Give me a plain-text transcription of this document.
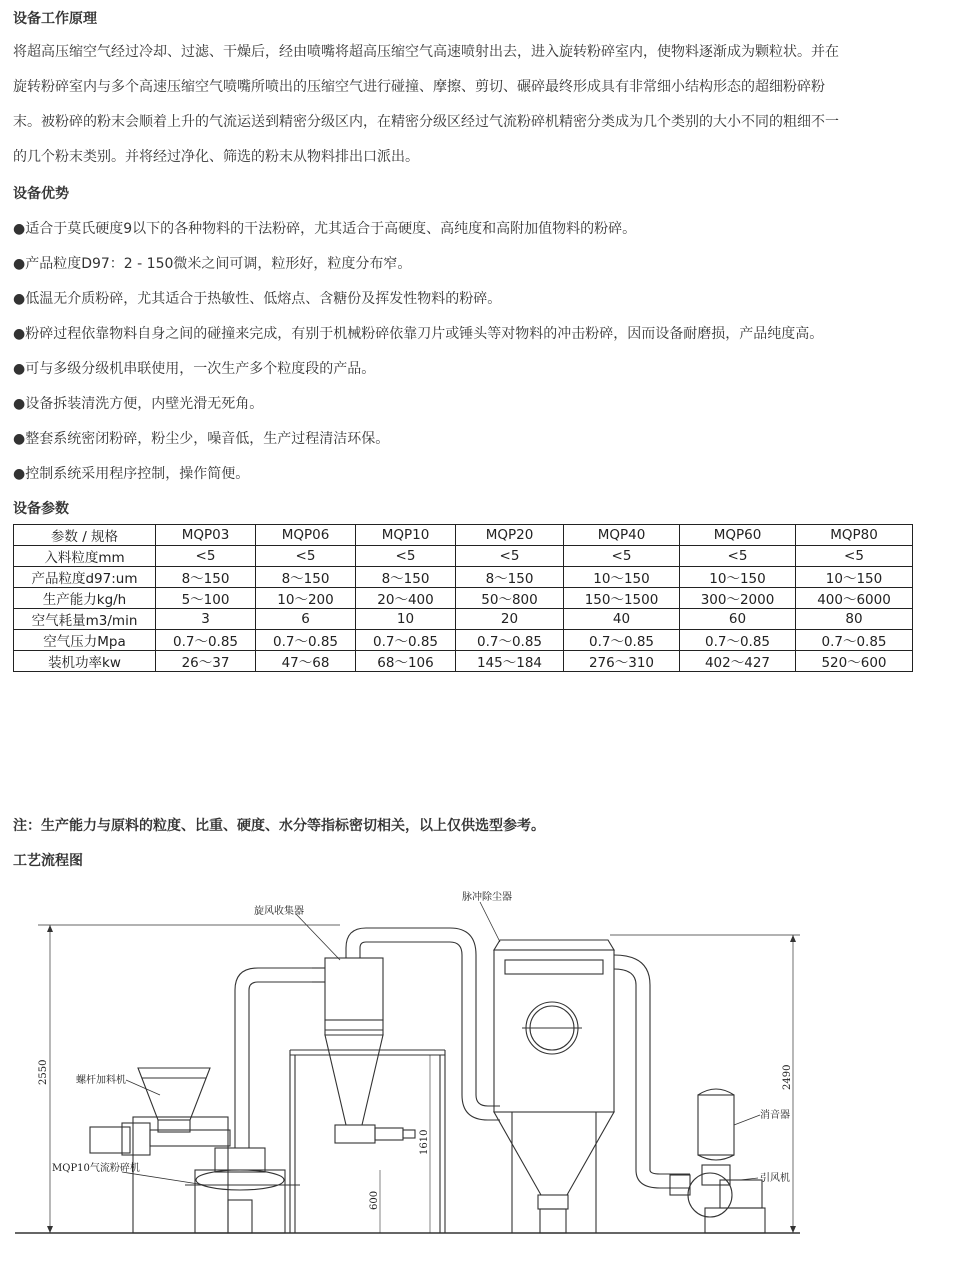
设备工作原理
将超高压缩空气经过冷却、过滤、干燥后，经由喷嘴将超高压缩空气高速喷射出去，进入旋转粉碎室内，使物料逐渐成为颗粒状。并在
旋转粉碎室内与多个高速压缩空气喷嘴所喷出的压缩空气进行碰撞、摩擦、剪切、碾碎最终形成具有非常细小结构形态的超细粉碎粉
末。被粉碎的粉末会顺着上升的气流运送到精密分级区内，在精密分级区经过气流粉碎机精密分类成为几个类别的大小不同的粗细不一
的几个粉末类别。并将经过净化、筛选的粉末从物料排出口派出。
设备优势
●适合于莫氏硬度9以下的各种物料的干法粉碎，尤其适合于高硬度、高纯度和高附加值物料的粉碎。
●产品粒度D97：2 - 150微米之间可调，粒形好，粒度分布窄。
●低温无介质粉碎，尤其适合于热敏性、低熔点、含糖份及挥发性物料的粉碎。
●粉碎过程依靠物料自身之间的碰撞来完成，有别于机械粉碎依靠刀片或锤头等对物料的冲击粉碎，因而设备耐磨损，产品纯度高。
●可与多级分级机串联使用，一次生产多个粒度段的产品。
●设备拆装清洗方便，内壁光滑无死角。
●整套系统密闭粉碎，粉尘少，噪音低，生产过程清洁环保。
●控制系统采用程序控制，操作简便。
设备参数
参数 / 规格	MQP03	MQP06	MQP10	MQP20	MQP40	MQP60	MQP80
入料粒度mm	<5	<5	<5	<5	<5	<5	<5
产品粒度d97:um	8～150	8～150	8～150	8～150	10～150	10～150	10～150
生产能力kg/h	5～100	10～200	20～400	50～800	150～1500	300～2000	400～6000
空气耗量m3/min	3	6	10	20	40	60	80
空气压力Mpa	0.7～0.85	0.7～0.85	0.7～0.85	0.7～0.85	0.7～0.85	0.7～0.85	0.7～0.85
装机功率kw	26～37	47～68	68～106	145～184	276～310	402～427	520～600
注：生产能力与原料的粒度、比重、硬度、水分等指标密切相关，以上仅供选型参考。
工艺流程图
旋风收集器
脉冲除尘器
螺杆加料机
MQP10气流粉碎机
消音器
引风机
2550	2490
1610
600
